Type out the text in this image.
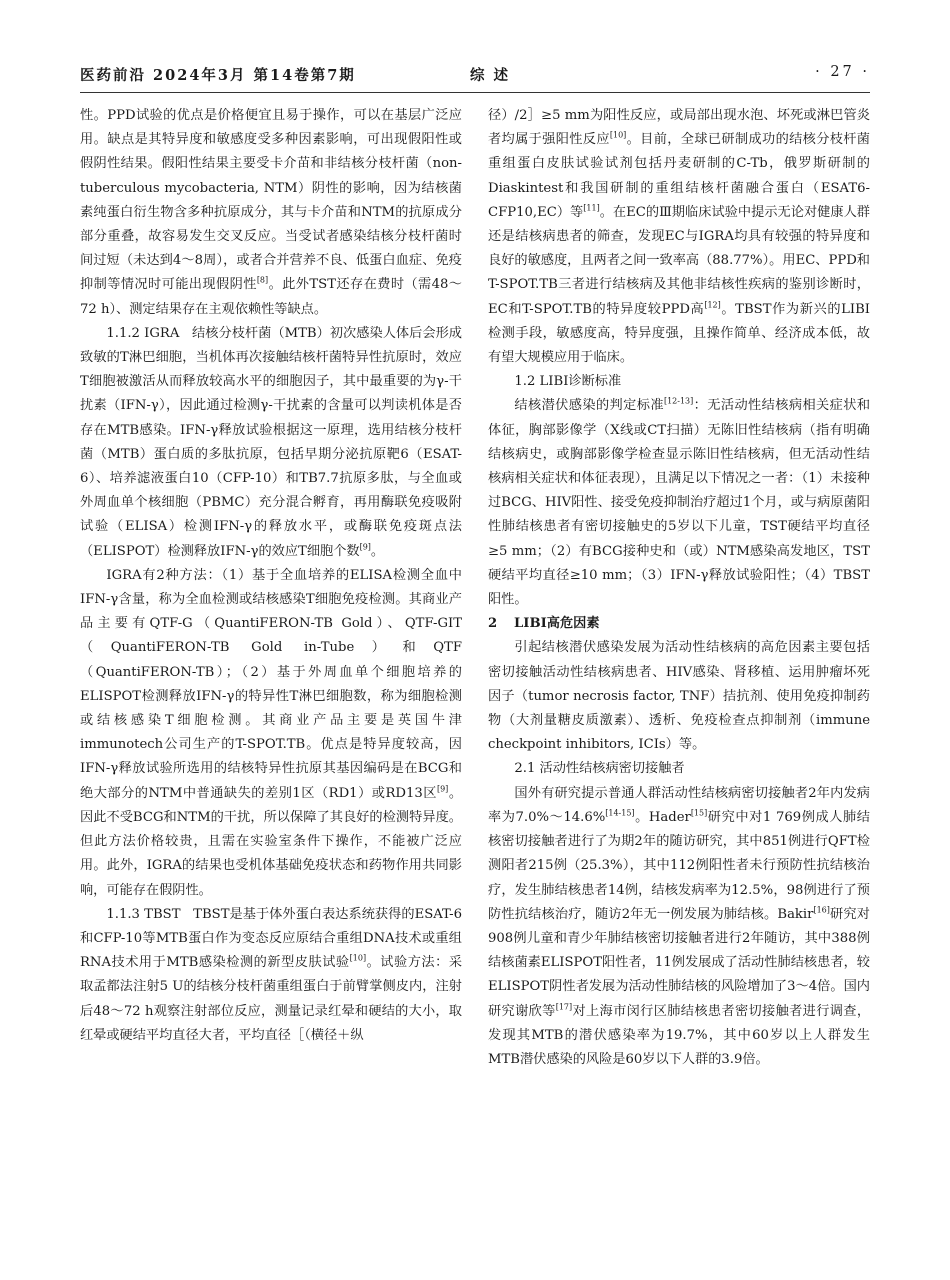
医药前沿 2024年3月 第14卷第7期	综 述	· 27 ·

性。PPD试验的优点是价格便宜且易于操作，可以在基层广泛应用。缺点是其特异度和敏感度受多种因素影响，可出现假阳性或假阴性结果。假阳性结果主要受卡介苗和非结核分枝杆菌（non-tuberculous mycobacteria, NTM）阴性的影响，因为结核菌素纯蛋白衍生物含多种抗原成分，其与卡介苗和NTM的抗原成分部分重叠，故容易发生交叉反应。当受试者感染结核分枝杆菌时间过短（未达到4～8周），或者合并营养不良、低蛋白血症、免疫抑制等情况时可能出现假阴性[8]。此外TST还存在费时（需48～72 h）、测定结果存在主观依赖性等缺点。

1.1.2 IGRA 结核分枝杆菌（MTB）初次感染人体后会形成致敏的T淋巴细胞，当机体再次接触结核杆菌特异性抗原时，效应T细胞被激活从而释放较高水平的细胞因子，其中最重要的为γ-干扰素（IFN-γ），因此通过检测γ-干扰素的含量可以判读机体是否存在MTB感染。IFN-γ释放试验根据这一原理，选用结核分枝杆菌（MTB）蛋白质的多肽抗原，包括早期分泌抗原靶6（ESAT-6）、培养滤液蛋白10（CFP-10）和TB7.7抗原多肽，与全血或外周血单个核细胞（PBMC）充分混合孵育，再用酶联免疫吸附试验（ELISA）检测IFN-γ的释放水平，或酶联免疫斑点法（ELISPOT）检测释放IFN-γ的效应T细胞个数[9]。

IGRA有2种方法：（1）基于全血培养的ELISA检测全血中IFN-γ含量，称为全血检测或结核感染T细胞免疫检测。其商业产品主要有QTF-G（QuantiFERON-TB Gold）、QTF-GIT（QuantiFERON-TB Gold in-Tube）和QTF（QuantiFERON-TB）；（2）基于外周血单个细胞培养的ELISPOT检测释放IFN-γ的特异性T淋巴细胞数，称为细胞检测或结核感染T细胞检测。其商业产品主要是英国牛津immunotech公司生产的T-SPOT.TB。优点是特异度较高，因IFN-γ释放试验所选用的结核特异性抗原其基因编码是在BCG和绝大部分的NTM中普通缺失的差别1区（RD1）或RD13区[9]。因此不受BCG和NTM的干扰，所以保障了其良好的检测特异度。但此方法价格较贵，且需在实验室条件下操作，不能被广泛应用。此外，IGRA的结果也受机体基础免疫状态和药物作用共同影响，可能存在假阴性。

1.1.3 TBST TBST是基于体外蛋白表达系统获得的ESAT-6和CFP-10等MTB蛋白作为变态反应原结合重组DNA技术或重组RNA技术用于MTB感染检测的新型皮肤试验[10]。试验方法：采取孟都法注射5 U的结核分枝杆菌重组蛋白于前臂掌侧皮内，注射后48～72 h观察注射部位反应，测量记录红晕和硬结的大小，取红晕或硬结平均直径大者，平均直径［（横径＋纵

径）/2］≥5 mm为阳性反应，或局部出现水泡、坏死或淋巴管炎者均属于强阳性反应[10]。目前，全球已研制成功的结核分枝杆菌重组蛋白皮肤试验试剂包括丹麦研制的C-Tb，俄罗斯研制的Diaskintest和我国研制的重组结核杆菌融合蛋白（ESAT6-CFP10,EC）等[11]。在EC的Ⅲ期临床试验中提示无论对健康人群还是结核病患者的筛查，发现EC与IGRA均具有较强的特异度和良好的敏感度，且两者之间一致率高（88.77%）。用EC、PPD和T-SPOT.TB三者进行结核病及其他非结核性疾病的鉴别诊断时，EC和T-SPOT.TB的特异度较PPD高[12]。TBST作为新兴的LIBI检测手段，敏感度高，特异度强，且操作简单、经济成本低，故有望大规模应用于临床。

1.2 LIBI诊断标准

结核潜伏感染的判定标准[12-13]：无活动性结核病相关症状和体征，胸部影像学（X线或CT扫描）无陈旧性结核病（指有明确结核病史，或胸部影像学检查显示陈旧性结核病，但无活动性结核病相关症状和体征表现），且满足以下情况之一者：（1）未接种过BCG、HIV阳性、接受免疫抑制治疗超过1个月，或与病原菌阳性肺结核患者有密切接触史的5岁以下儿童，TST硬结平均直径≥5 mm；（2）有BCG接种史和（或）NTM感染高发地区，TST硬结平均直径≥10 mm；（3）IFN-γ释放试验阳性；（4）TBST阳性。

2 LIBI高危因素

引起结核潜伏感染发展为活动性结核病的高危因素主要包括密切接触活动性结核病患者、HIV感染、肾移植、运用肿瘤坏死因子（tumor necrosis factor, TNF）拮抗剂、使用免疫抑制药物（大剂量糖皮质激素）、透析、免疫检查点抑制剂（immune checkpoint inhibitors, ICIs）等。

2.1 活动性结核病密切接触者

国外有研究提示普通人群活动性结核病密切接触者2年内发病率为7.0%～14.6%[14-15]。Hader[15]研究中对1 769例成人肺结核密切接触者进行了为期2年的随访研究，其中851例进行QFT检测阳者215例（25.3%），其中112例阳性者未行预防性抗结核治疗，发生肺结核患者14例，结核发病率为12.5%，98例进行了预防性抗结核治疗，随访2年无一例发展为肺结核。Bakir[16]研究对908例儿童和青少年肺结核密切接触者进行2年随访，其中388例结核菌素ELISPOT阳性者，11例发展成了活动性肺结核患者，较ELISPOT阴性者发展为活动性肺结核的风险增加了3～4倍。国内研究谢欣等[17]对上海市闵行区肺结核患者密切接触者进行调查，发现其MTB的潜伏感染率为19.7%，其中60岁以上人群发生MTB潜伏感染的风险是60岁以下人群的3.9倍。
